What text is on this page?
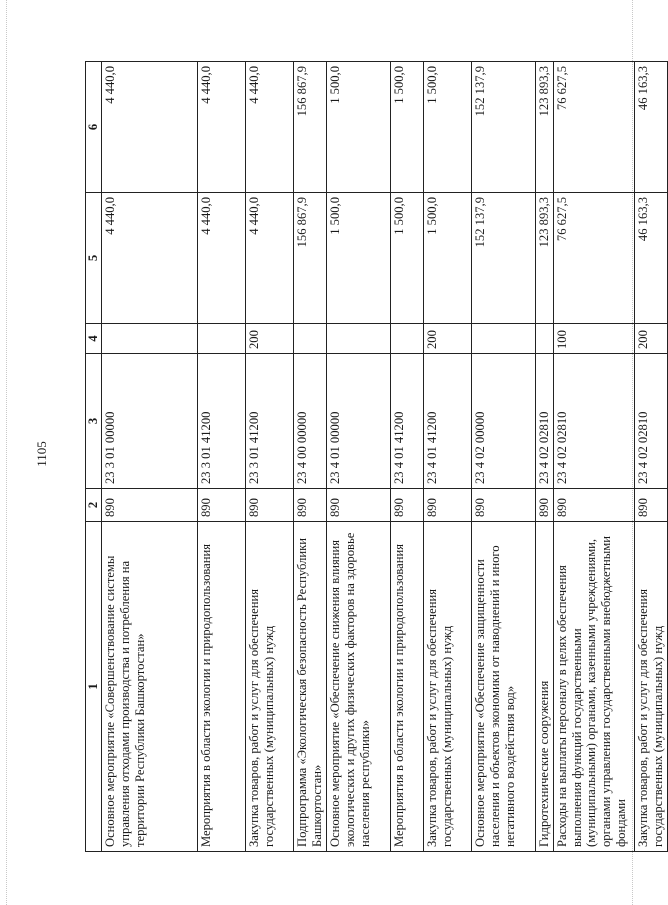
1105
1	2	3	4	5	6
Основное мероприятие «Совершенствование системы управления отходами производства и потребления на территории Республики Башкортостан»	890	23 3 01 00000		4 440,0	4 440,0
Мероприятия в области экологии и природопользования	890	23 3 01 41200		4 440,0	4 440,0
Закупка товаров, работ и услуг для обеспечения государственных (муниципальных) нужд	890	23 3 01 41200	200	4 440,0	4 440,0
Подпрограмма «Экологическая безопасность Республики Башкортостан»	890	23 4 00 00000		156 867,9	156 867,9
Основное мероприятие «Обеспечение снижения влияния экологических и других физических факторов на здоровье населения республики»	890	23 4 01 00000		1 500,0	1 500,0
Мероприятия в области экологии и природопользования	890	23 4 01 41200		1 500,0	1 500,0
Закупка товаров, работ и услуг для обеспечения государственных (муниципальных) нужд	890	23 4 01 41200	200	1 500,0	1 500,0
Основное мероприятие «Обеспечение защищенности населения и объектов экономики от наводнений и иного негативного воздействия вод»	890	23 4 02 00000		152 137,9	152 137,9
Гидротехнические сооружения	890	23 4 02 02810		123 893,3	123 893,3
Расходы на выплаты персоналу в целях обеспечения выполнения функций государственными (муниципальными) органами, казенными учреждениями, органами управления государственными внебюджетными фондами	890	23 4 02 02810	100	76 627,5	76 627,5
Закупка товаров, работ и услуг для обеспечения государственных (муниципальных) нужд	890	23 4 02 02810	200	46 163,3	46 163,3
